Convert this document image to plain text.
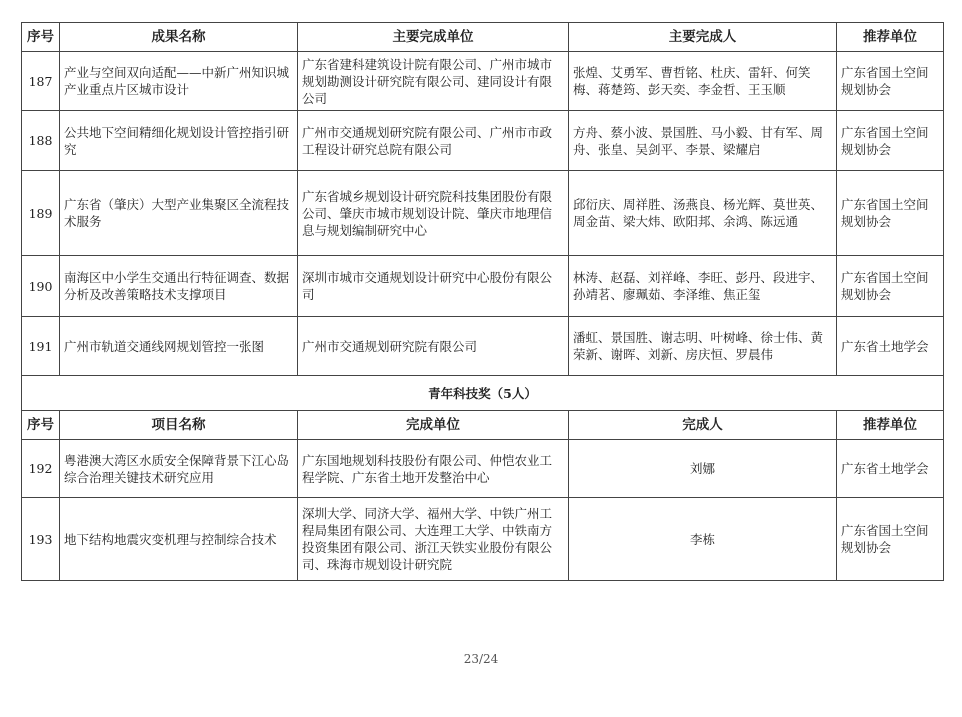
序号	成果名称	主要完成单位	主要完成人	推荐单位
187	产业与空间双向适配——中新广州知识城产业重点片区城市设计	广东省建科建筑设计院有限公司、广州市城市规划勘测设计研究院有限公司、建同设计有限公司	张煌、艾勇军、曹哲铭、杜庆、雷轩、何笑梅、蒋楚筠、彭天奕、李金哲、王玉顺	广东省国土空间规划协会
188	公共地下空间精细化规划设计管控指引研究	广州市交通规划研究院有限公司、广州市市政工程设计研究总院有限公司	方舟、蔡小波、景国胜、马小毅、甘有军、周舟、张皇、吴剑平、李景、梁耀启	广东省国土空间规划协会
189	广东省（肇庆）大型产业集聚区全流程技术服务	广东省城乡规划设计研究院科技集团股份有限公司、肇庆市城市规划设计院、肇庆市地理信息与规划编制研究中心	邱衍庆、周祥胜、汤燕良、杨光辉、莫世英、周金苗、梁大炜、欧阳邦、余鸿、陈远通	广东省国土空间规划协会
190	南海区中小学生交通出行特征调查、数据分析及改善策略技术支撑项目	深圳市城市交通规划设计研究中心股份有限公司	林涛、赵磊、刘祥峰、李旺、彭丹、段进宇、孙靖茗、廖珮茹、李泽维、焦正玺	广东省国土空间规划协会
191	广州市轨道交通线网规划管控一张图	广州市交通规划研究院有限公司	潘虹、景国胜、谢志明、叶树峰、徐士伟、黄荣新、谢晖、刘新、房庆恒、罗晨伟	广东省土地学会
青年科技奖（5人）				
序号	项目名称	完成单位	完成人	推荐单位
192	粤港澳大湾区水质安全保障背景下江心岛综合治理关键技术研究应用	广东国地规划科技股份有限公司、仲恺农业工程学院、广东省土地开发整治中心	刘娜	广东省土地学会
193	地下结构地震灾变机理与控制综合技术	深圳大学、同济大学、福州大学、中铁广州工程局集团有限公司、大连理工大学、中铁南方投资集团有限公司、浙江天铁实业股份有限公司、珠海市规划设计研究院	李栋	广东省国土空间规划协会
23/24
